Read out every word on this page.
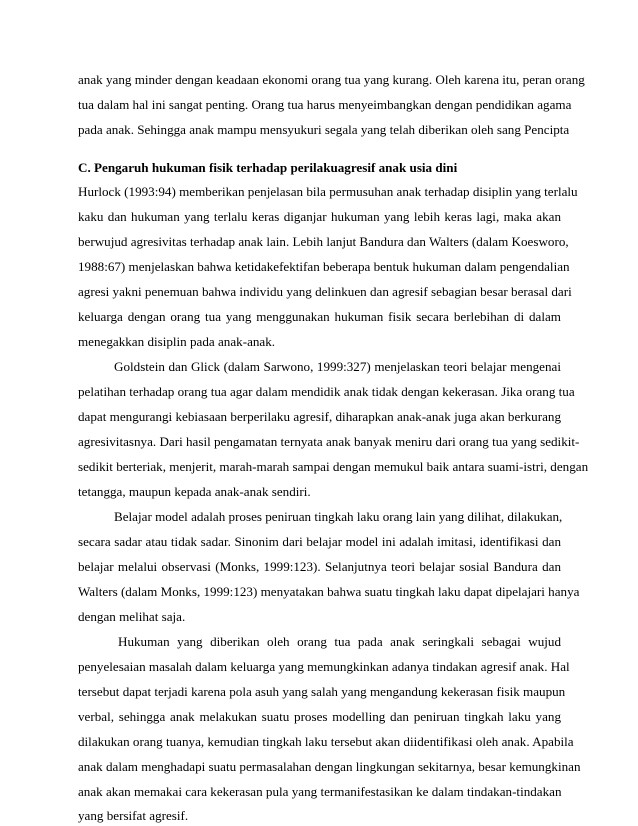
anak yang minder dengan keadaan ekonomi orang tua yang kurang. Oleh karena itu, peran orang
tua dalam hal ini sangat penting. Orang tua harus menyeimbangkan dengan pendidikan agama
pada anak. Sehingga anak mampu mensyukuri segala yang telah diberikan oleh sang Pencipta
C. Pengaruh hukuman fisik terhadap perilakuagresif anak usia dini
Hurlock (1993:94) memberikan penjelasan bila permusuhan anak terhadap disiplin yang terlalu
kaku dan hukuman yang terlalu keras diganjar hukuman yang lebih keras lagi, maka akan
berwujud agresivitas terhadap anak lain. Lebih lanjut Bandura dan Walters (dalam Koesworo,
1988:67) menjelaskan bahwa ketidakefektifan beberapa bentuk hukuman dalam pengendalian
agresi yakni penemuan bahwa individu yang delinkuen dan agresif sebagian besar berasal dari
keluarga dengan orang tua yang menggunakan hukuman fisik secara berlebihan di dalam
menegakkan disiplin pada anak-anak.
Goldstein dan Glick (dalam Sarwono, 1999:327) menjelaskan teori belajar mengenai
pelatihan terhadap orang tua agar dalam mendidik anak tidak dengan kekerasan. Jika orang tua
dapat mengurangi kebiasaan berperilaku agresif, diharapkan anak-anak juga akan berkurang
agresivitasnya. Dari hasil pengamatan ternyata anak banyak meniru dari orang tua yang sedikit-
sedikit berteriak, menjerit, marah-marah sampai dengan memukul baik antara suami-istri, dengan
tetangga, maupun kepada anak-anak sendiri.
Belajar model adalah proses peniruan tingkah laku orang lain yang dilihat, dilakukan,
secara sadar atau tidak sadar. Sinonim dari belajar model ini adalah imitasi, identifikasi dan
belajar melalui observasi (Monks, 1999:123). Selanjutnya teori belajar sosial Bandura dan
Walters (dalam Monks, 1999:123) menyatakan bahwa suatu tingkah laku dapat dipelajari hanya
dengan melihat saja.
Hukuman yang diberikan oleh orang tua pada anak seringkali sebagai wujud
penyelesaian masalah dalam keluarga yang memungkinkan adanya tindakan agresif anak. Hal
tersebut dapat terjadi karena pola asuh yang salah yang mengandung kekerasan fisik maupun
verbal, sehingga anak melakukan suatu proses modelling dan peniruan tingkah laku yang
dilakukan orang tuanya, kemudian tingkah laku tersebut akan diidentifikasi oleh anak. Apabila
anak dalam menghadapi suatu permasalahan dengan lingkungan sekitarnya, besar kemungkinan
anak akan memakai cara kekerasan pula yang termanifestasikan ke dalam tindakan-tindakan
yang bersifat agresif.
